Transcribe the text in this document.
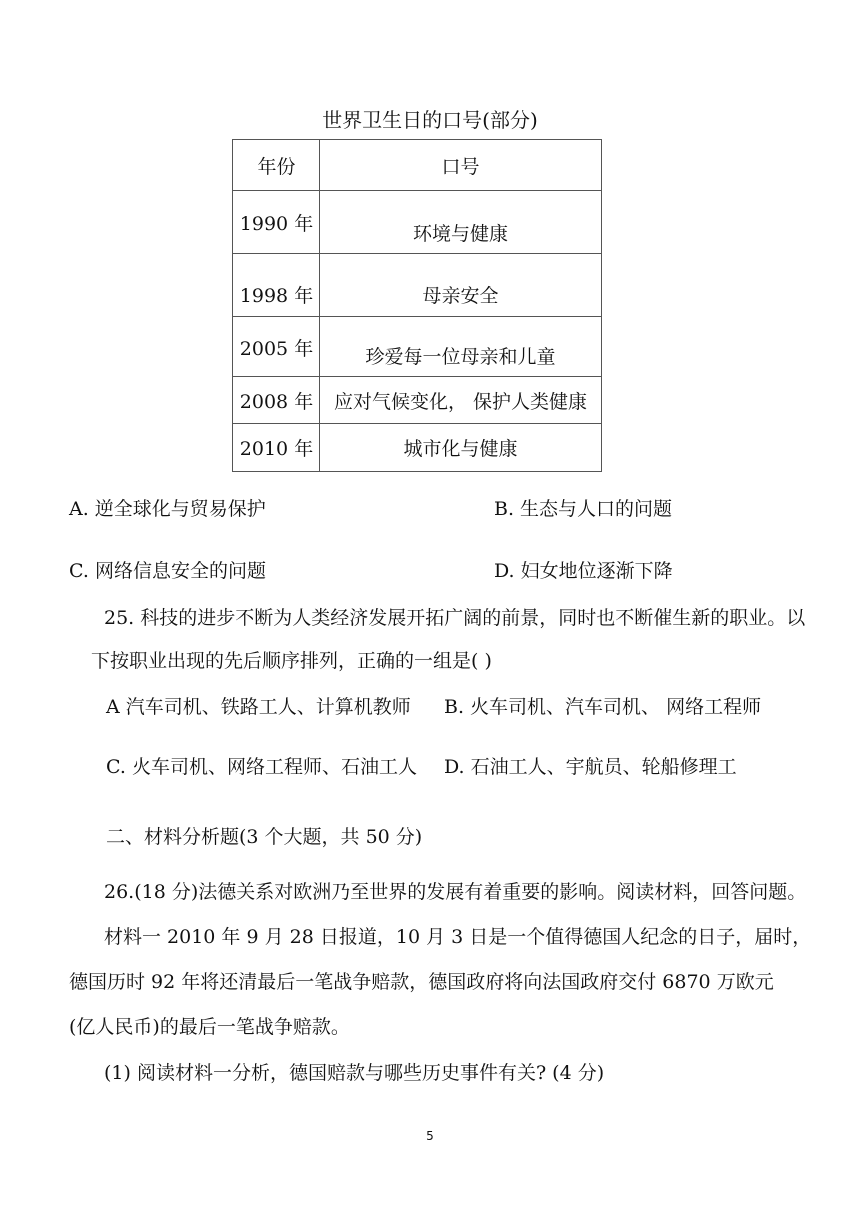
世界卫生日的口号(部分)
年份	口号
1990 年	环境与健康
1998 年	母亲安全
2005 年	珍爱每一位母亲和儿童
2008 年	应对气候变化， 保护人类健康
2010 年	城市化与健康
A. 逆全球化与贸易保护	B. 生态与人口的问题
C. 网络信息安全的问题	D. 妇女地位逐渐下降
25. 科技的进步不断为人类经济发展开拓广阔的前景，同时也不断催生新的职业。以
下按职业出现的先后顺序排列，正确的一组是( )
A 汽车司机、铁路工人、计算机教师 B. 火车司机、汽车司机、 网络工程师
C. 火车司机、网络工程师、石油工人 D. 石油工人、宇航员、轮船修理工
二、材料分析题(3 个大题，共 50 分)
26.(18 分)法德关系对欧洲乃至世界的发展有着重要的影响。阅读材料，回答问题。
材料一 2010 年 9 月 28 日报道，10 月 3 日是一个值得德国人纪念的日子，届时，
德国历时 92 年将还清最后一笔战争赔款，德国政府将向法国政府交付 6870 万欧元
(亿人民币)的最后一笔战争赔款。
(1) 阅读材料一分析，德国赔款与哪些历史事件有关? (4 分)
5
